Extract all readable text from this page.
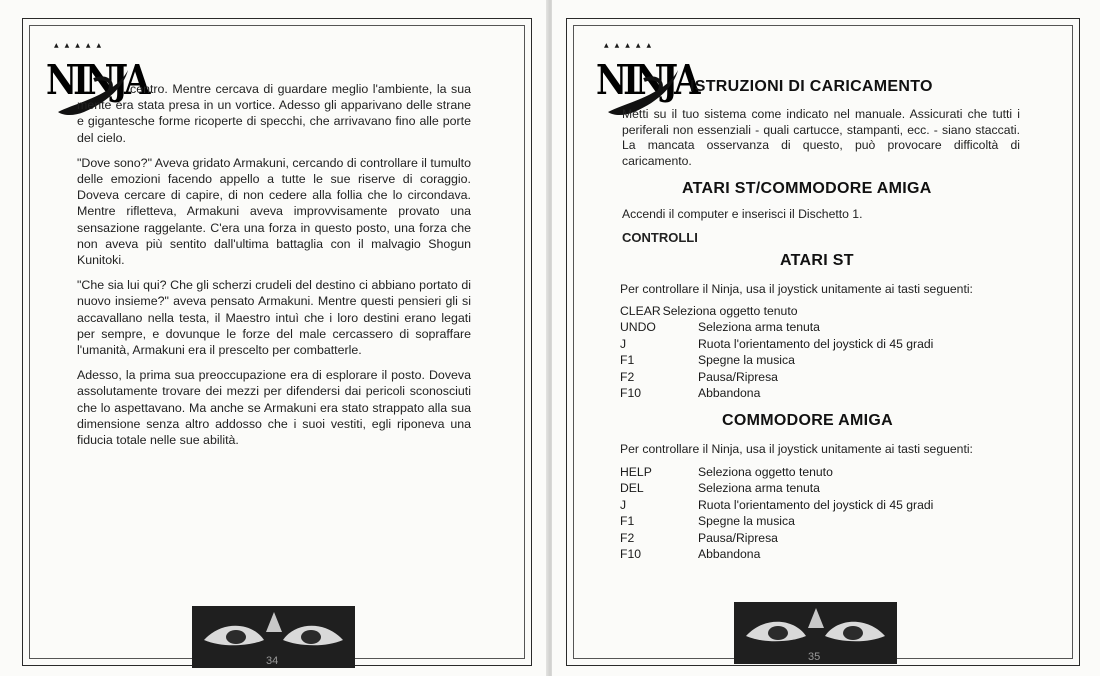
▲▲▲▲▲
NINJA

centro. Mentre cercava di guardare meglio l'ambiente, la sua mente era stata presa in un vortice. Adesso gli apparivano delle strane e gigantesche forme ricoperte di specchi, che arrivavano fino alle porte del cielo.

"Dove sono?" Aveva gridato Armakuni, cercando di controllare il tumulto delle emozioni facendo appello a tutte le sue riserve di coraggio. Doveva cercare di capire, di non cedere alla follia che lo circondava. Mentre rifletteva, Armakuni aveva improvvisamente provato una sensazione raggelante. C'era una forza in questo posto, una forza che non aveva più sentito dall'ultima battaglia con il malvagio Shogun Kunitoki.

"Che sia lui qui? Che gli scherzi crudeli del destino ci abbiano portato di nuovo insieme?" aveva pensato Armakuni. Mentre questi pensieri gli si accavallano nella testa, il Maestro intuì che i loro destini erano legati per sempre, e dovunque le forze del male cercassero di sopraffare l'umanità, Armakuni era il prescelto per combatterle.

Adesso, la prima sua preoccupazione era di esplorare il posto. Doveva assolutamente trovare dei mezzi per difendersi dai pericoli sconosciuti che lo aspettavano. Ma anche se Armakuni era stato strappato alla sua dimensione senza altro addosso che i suoi vestiti, egli riponeva una fiducia totale nelle sue abilità.

34
▲▲▲▲▲
NINJA
ISTRUZIONI DI CARICAMENTO
Metti su il tuo sistema come indicato nel manuale. Assicurati che tutti i periferali non essenziali - quali cartucce, stampanti, ecc. - siano staccati. La mancata osservanza di questo, può provocare difficoltà di caricamento.
ATARI ST/COMMODORE AMIGA
Accendi il computer e inserisci il Dischetto 1.
CONTROLLI
ATARI ST
Per controllare il Ninja, usa il joystick unitamente ai tasti seguenti:
CLEAR Seleziona oggetto tenuto
UNDO	Seleziona arma tenuta
J	Ruota l'orientamento del joystick di 45 gradi
F1	Spegne la musica
F2	Pausa/Ripresa
F10	Abbandona
COMMODORE AMIGA
Per controllare il Ninja, usa il joystick unitamente ai tasti seguenti:
HELP	Seleziona oggetto tenuto
DEL	Seleziona arma tenuta
J	Ruota l'orientamento del joystick di 45 gradi
F1	Spegne la musica
F2	Pausa/Ripresa
F10	Abbandona
35
